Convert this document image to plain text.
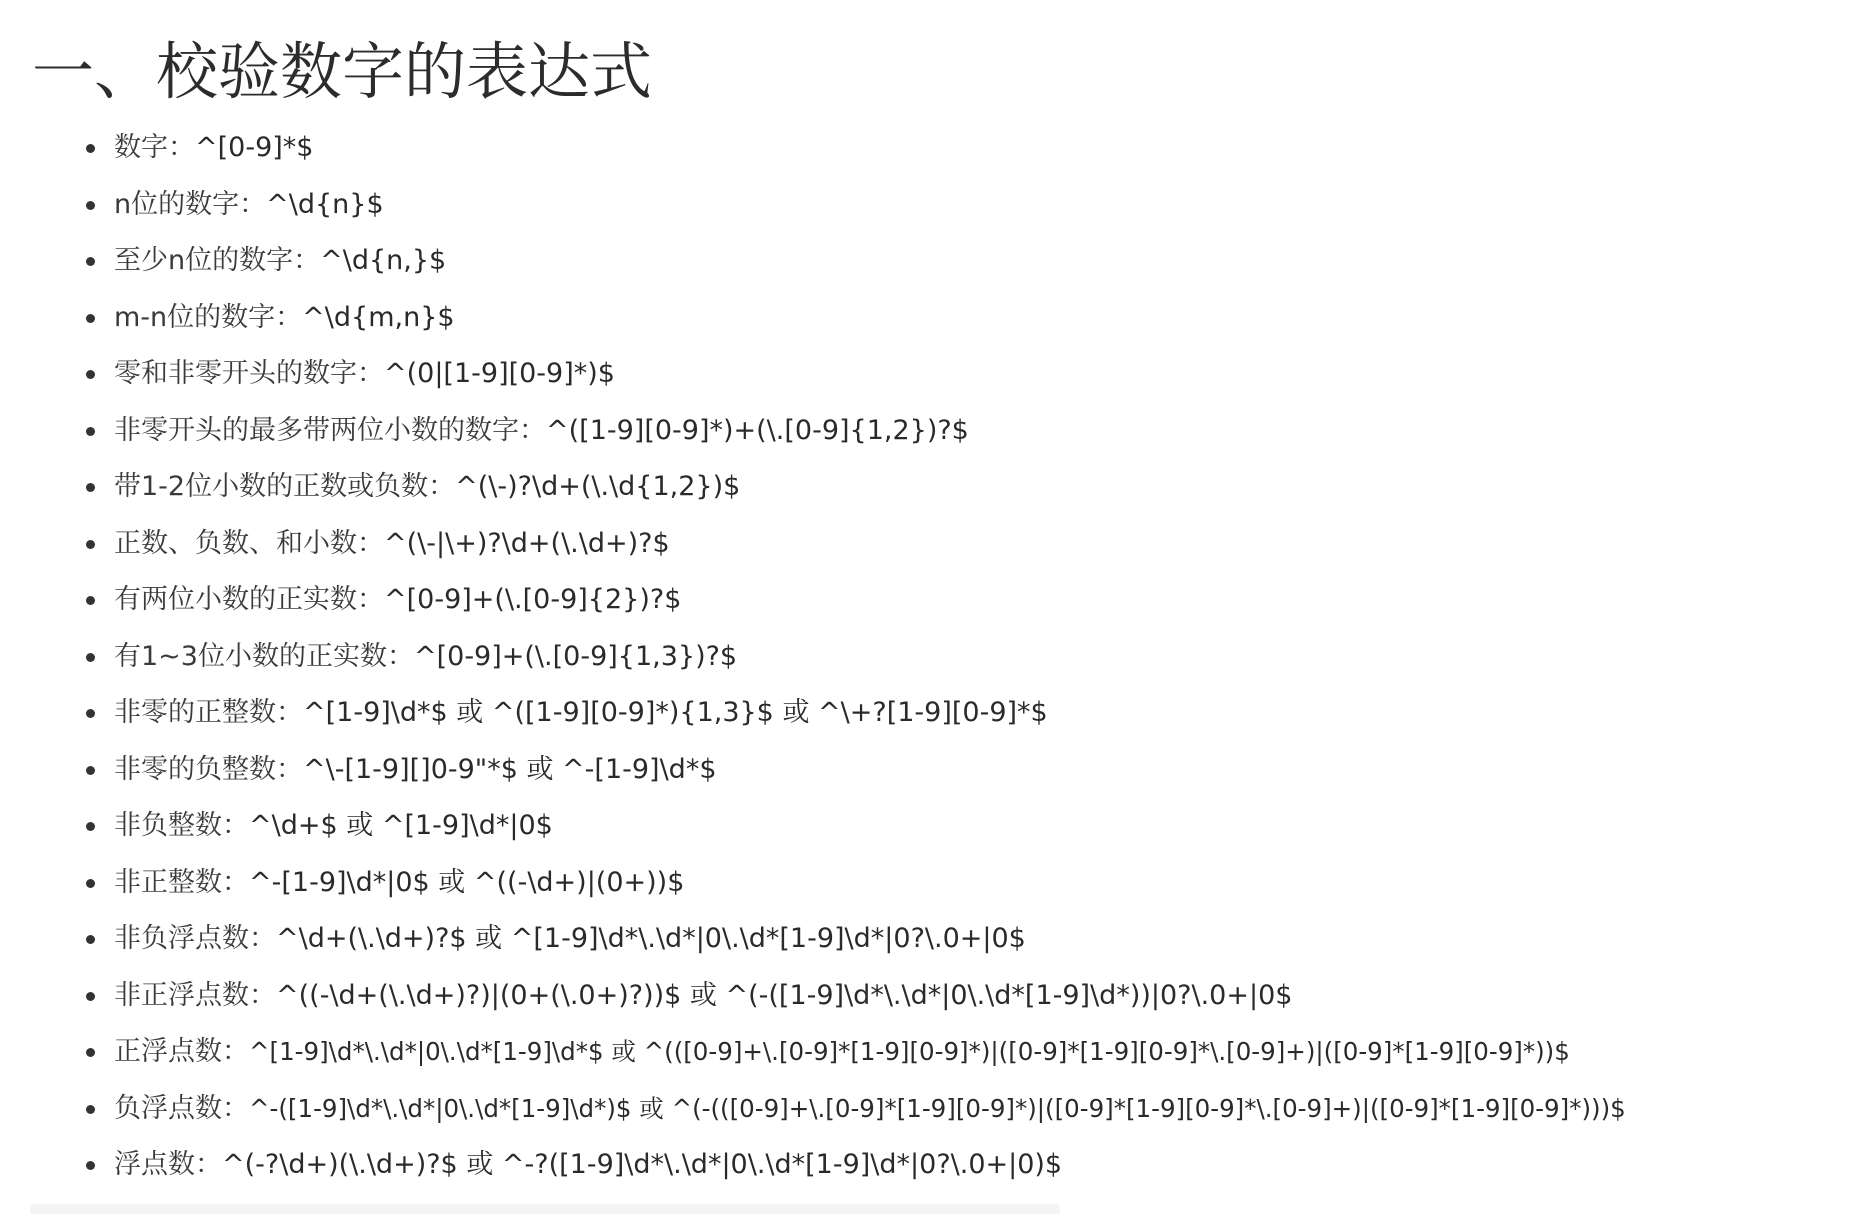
一、校验数字的表达式
数字：^[0-9]*$
n位的数字：^\d{n}$
至少n位的数字：^\d{n,}$
m-n位的数字：^\d{m,n}$
零和非零开头的数字：^(0|[1-9][0-9]*)$
非零开头的最多带两位小数的数字：^([1-9][0-9]*)+(\.[0-9]{1,2})?$
带1-2位小数的正数或负数：^(\-)?\d+(\.\d{1,2})$
正数、负数、和小数：^(\-|\+)?\d+(\.\d+)?$
有两位小数的正实数：^[0-9]+(\.[0-9]{2})?$
有1~3位小数的正实数：^[0-9]+(\.[0-9]{1,3})?$
非零的正整数：^[1-9]\d*$ 或 ^([1-9][0-9]*){1,3}$ 或 ^\+?[1-9][0-9]*$
非零的负整数：^\-[1-9][]0-9"*$ 或 ^-[1-9]\d*$
非负整数：^\d+$ 或 ^[1-9]\d*|0$
非正整数：^-[1-9]\d*|0$ 或 ^((-\d+)|(0+))$
非负浮点数：^\d+(\.\d+)?$ 或 ^[1-9]\d*\.\d*|0\.\d*[1-9]\d*|0?\.0+|0$
非正浮点数：^((-\d+(\.\d+)?)|(0+(\.0+)?))$ 或 ^(-([1-9]\d*\.\d*|0\.\d*[1-9]\d*))|0?\.0+|0$
正浮点数：^[1-9]\d*\.\d*|0\.\d*[1-9]\d*$ 或 ^(([0-9]+\.[0-9]*[1-9][0-9]*)|([0-9]*[1-9][0-9]*\.[0-9]+)|([0-9]*[1-9][0-9]*))$
负浮点数：^-([1-9]\d*\.\d*|0\.\d*[1-9]\d*)$ 或 ^(-(([0-9]+\.[0-9]*[1-9][0-9]*)|([0-9]*[1-9][0-9]*\.[0-9]+)|([0-9]*[1-9][0-9]*)))$
浮点数：^(-?\d+)(\.\d+)?$ 或 ^-?([1-9]\d*\.\d*|0\.\d*[1-9]\d*|0?\.0+|0)$
